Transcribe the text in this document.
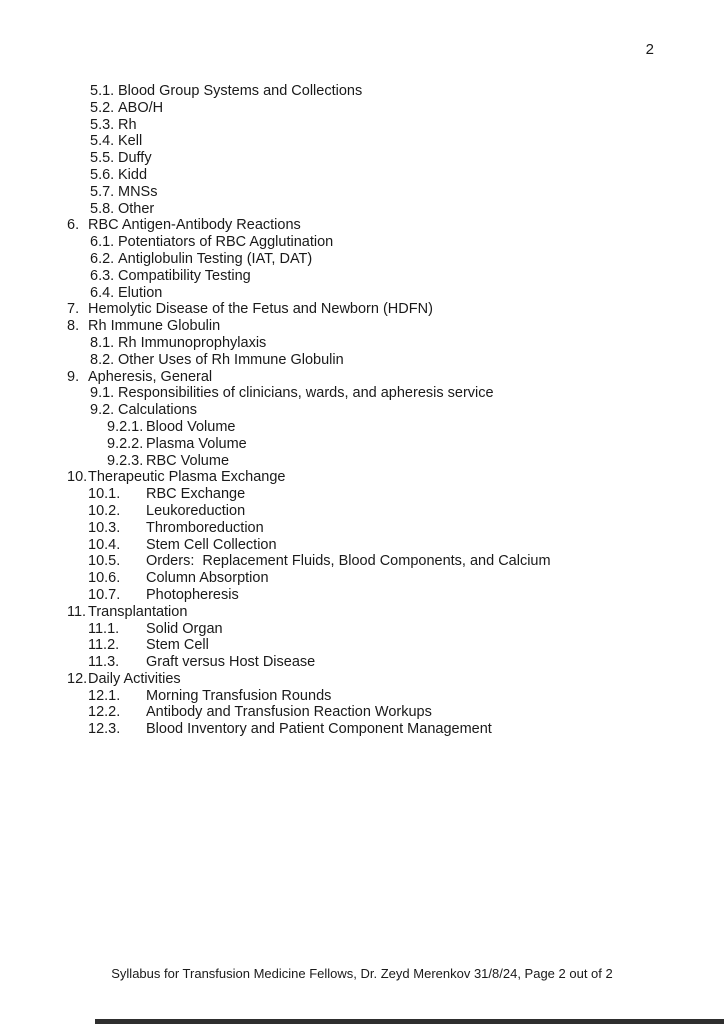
2
5.1. Blood Group Systems and Collections
5.2. ABO/H
5.3. Rh
5.4. Kell
5.5. Duffy
5.6. Kidd
5.7. MNSs
5.8. Other
6. RBC Antigen-Antibody Reactions
6.1. Potentiators of RBC Agglutination
6.2. Antiglobulin Testing (IAT, DAT)
6.3. Compatibility Testing
6.4. Elution
7. Hemolytic Disease of the Fetus and Newborn (HDFN)
8. Rh Immune Globulin
8.1. Rh Immunoprophylaxis
8.2. Other Uses of Rh Immune Globulin
9. Apheresis, General
9.1. Responsibilities of clinicians, wards, and apheresis service
9.2. Calculations
9.2.1. Blood Volume
9.2.2. Plasma Volume
9.2.3. RBC Volume
10.Therapeutic Plasma Exchange
10.1. RBC Exchange
10.2. Leukoreduction
10.3. Thromboreduction
10.4. Stem Cell Collection
10.5. Orders:  Replacement Fluids, Blood Components, and Calcium
10.6. Column Absorption
10.7. Photopheresis
11. Transplantation
11.1. Solid Organ
11.2. Stem Cell
11.3. Graft versus Host Disease
12.Daily Activities
12.1. Morning Transfusion Rounds
12.2. Antibody and Transfusion Reaction Workups
12.3. Blood Inventory and Patient Component Management
Syllabus for Transfusion Medicine Fellows, Dr. Zeyd Merenkov 31/8/24, Page 2 out of 2
